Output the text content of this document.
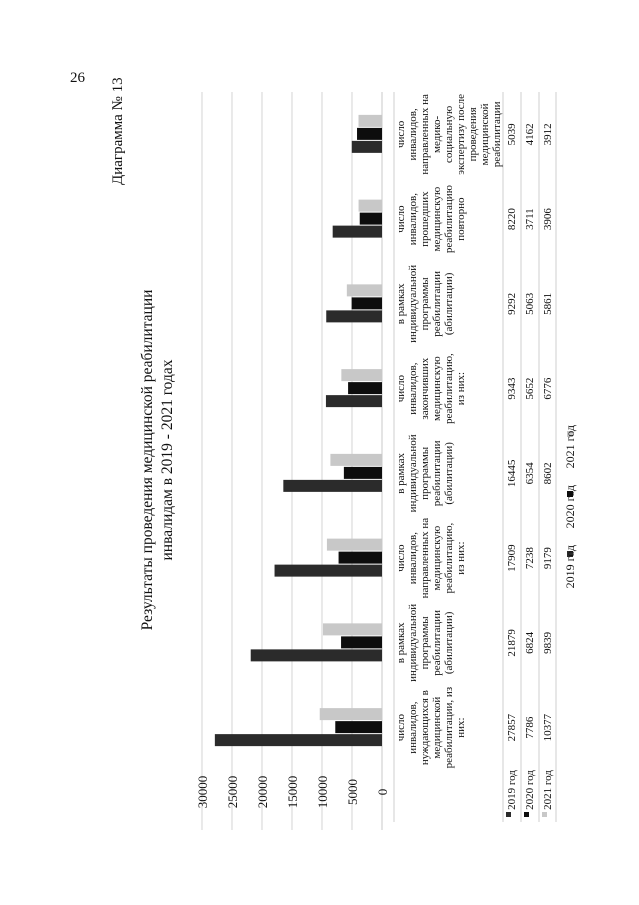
26 Диаграмма № 13
Результаты проведения медицинской реабилитации инвалидам в 2019 - 2021 годах
0
5000
10000
15000
20000
25000
30000
число инвалидов, нуждающихся в медицинской реабилитации, из них:	27857 7786 10377
в рамках индивидуальной программы реабилитации (абилитации)	21879 6824 9839
число инвалидов, направленных на медицинскую реабилитацию, из них:	17909 7238 9179
в рамках индивидуальной программы реабилитации (абилитации)	16445 6354 8602
число инвалидов, закончивших медицинскую реабилитацию, из них:	9343 5652 6776
в рамках индивидуальной программы реабилитации (абилитации)	9292 5063 5861
число инвалидов, прошедших медицинскую реабилитацию повторно	8220 3711 3906
число инвалидов, направленных на медико- социальную экспертизу после проведения медицинской реабилитации 5039 4162 3912
2019 год 2020 год 2021 год
2019 год
2020 год
2021 год
